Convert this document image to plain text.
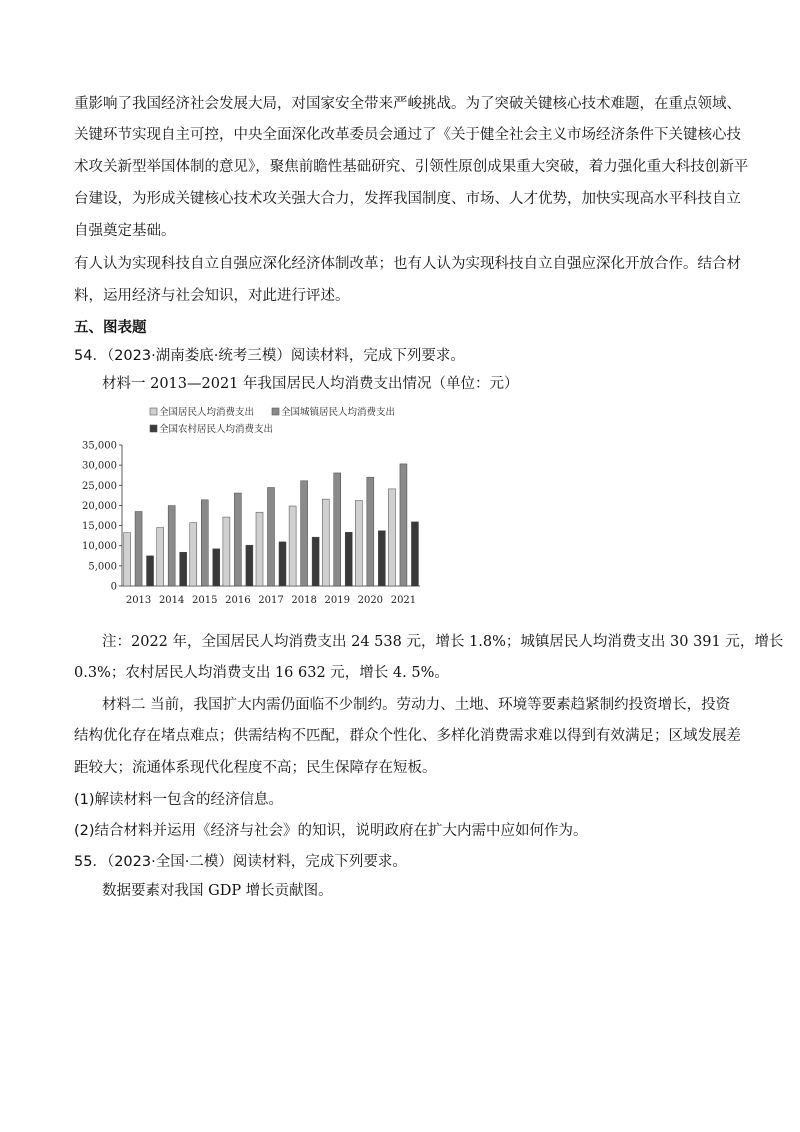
重影响了我国经济社会发展大局，对国家安全带来严峻挑战。为了突破关键核心技术难题，在重点领域、
关键环节实现自主可控，中央全面深化改革委员会通过了《关于健全社会主义市场经济条件下关键核心技
术攻关新型举国体制的意见》，聚焦前瞻性基础研究、引领性原创成果重大突破，着力强化重大科技创新平
台建设，为形成关键核心技术攻关强大合力，发挥我国制度、市场、人才优势，加快实现高水平科技自立
自强奠定基础。
有人认为实现科技自立自强应深化经济体制改革；也有人认为实现科技自立自强应深化开放合作。结合材
料，运用经济与社会知识，对此进行评述。
五、图表题
54．（2023·湖南娄底·统考三模）阅读材料，完成下列要求。
材料一 2013—2021 年我国居民人均消费支出情况（单位：元）
全国居民人均消费支出	全国城镇居民人均消费支出
全国农村居民人均消费支出
0
5,000
10,000
15,000
20,000
25,000
30,000
35,000
2013 2014 2015 2016 2017 2018 2019 2020 2021
注：2022 年，全国居民人均消费支出 24 538 元，增长 1.8%；城镇居民人均消费支出 30 391 元，增长
0.3%；农村居民人均消费支出 16 632 元，增长 4. 5%。
材料二 当前，我国扩大内需仍面临不少制约。劳动力、土地、环境等要素趋紧制约投资增长，投资
结构优化存在堵点难点；供需结构不匹配，群众个性化、多样化消费需求难以得到有效满足；区域发展差
距较大；流通体系现代化程度不高；民生保障存在短板。
(1)解读材料一包含的经济信息。
(2)结合材料并运用《经济与社会》的知识，说明政府在扩大内需中应如何作为。
55．（2023·全国·二模）阅读材料，完成下列要求。
数据要素对我国 GDP 增长贡献图。
